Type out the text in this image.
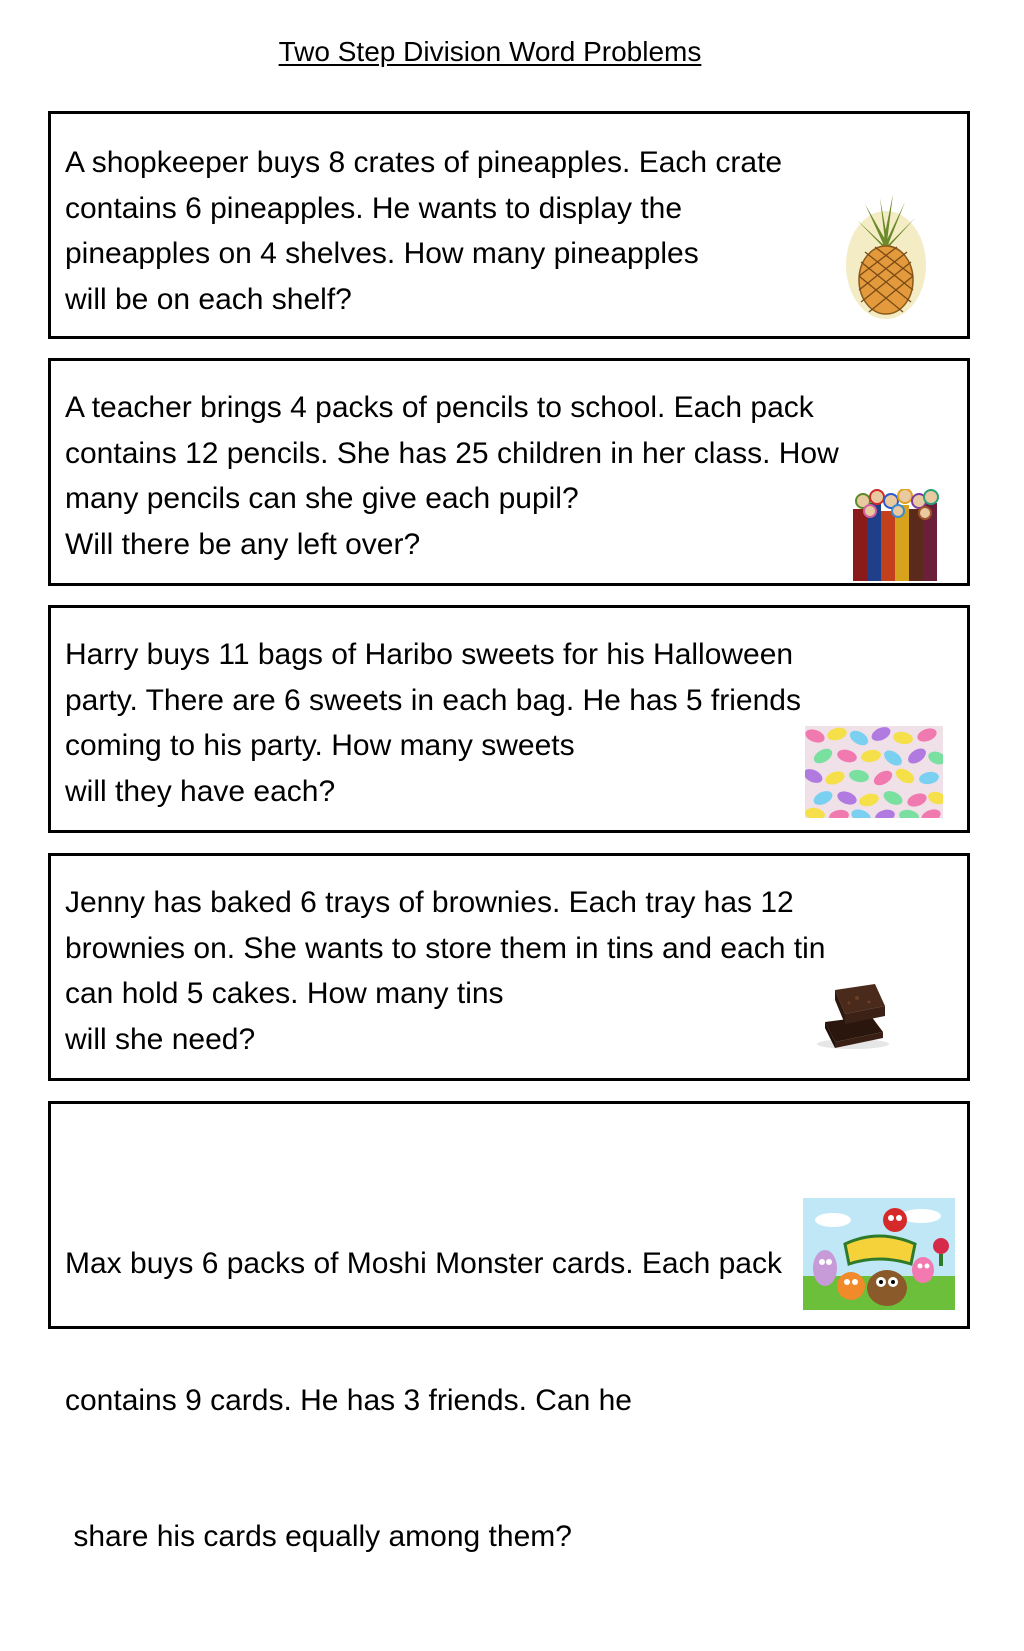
Two Step Division Word Problems
A shopkeeper buys 8 crates of pineapples. Each crate
contains 6 pineapples. He wants to display the
pineapples on 4 shelves. How many pineapples
will be on each shelf?
A teacher brings 4 packs of pencils to school. Each pack
contains 12 pencils. She has 25 children in her class. How
many pencils can she give each pupil?
Will there be any left over?
Harry buys 11 bags of Haribo sweets for his Halloween
party. There are 6 sweets in each bag. He has 5 friends
coming to his party. How many sweets
will they have each?
Jenny has baked 6 trays of brownies. Each tray has 12
brownies on. She wants to store them in tins and each tin
can hold 5 cakes. How many tins
will she need?

Max buys 6 packs of Moshi Monster cards. Each pack

contains 9 cards. He has 3 friends. Can he

share his cards equally among them?
